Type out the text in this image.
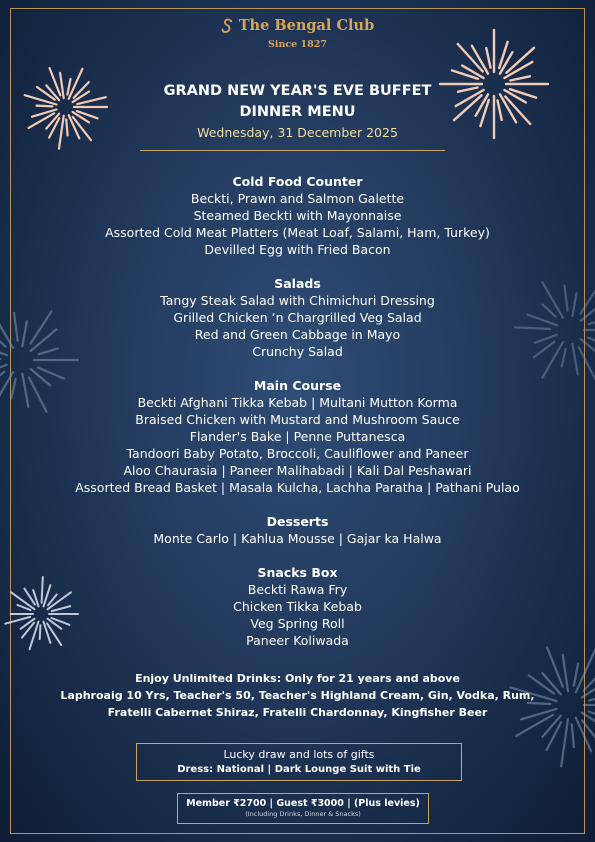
The Bengal Club
Since 1827
GRAND NEW YEAR'S EVE BUFFET
DINNER MENU
Wednesday, 31 December 2025
Cold Food Counter
Beckti, Prawn and Salmon Galette
Steamed Beckti with Mayonnaise
Assorted Cold Meat Platters (Meat Loaf, Salami, Ham, Turkey)
Devilled Egg with Fried Bacon
Salads
Tangy Steak Salad with Chimichuri Dressing
Grilled Chicken ‘n Chargrilled Veg Salad
Red and Green Cabbage in Mayo
Crunchy Salad
Main Course
Beckti Afghani Tikka Kebab | Multani Mutton Korma
Braised Chicken with Mustard and Mushroom Sauce
Flander's Bake | Penne Puttanesca
Tandoori Baby Potato, Broccoli, Cauliflower and Paneer
Aloo Chaurasia | Paneer Malihabadi | Kali Dal Peshawari
Assorted Bread Basket | Masala Kulcha, Lachha Paratha | Pathani Pulao
Desserts
Monte Carlo | Kahlua Mousse | Gajar ka Halwa
Snacks Box
Beckti Rawa Fry
Chicken Tikka Kebab
Veg Spring Roll
Paneer Koliwada
Enjoy Unlimited Drinks: Only for 21 years and above
Laphroaig 10 Yrs, Teacher's 50, Teacher's Highland Cream, Gin, Vodka, Rum,
Fratelli Cabernet Shiraz, Fratelli Chardonnay, Kingfisher Beer
Lucky draw and lots of gifts
Dress: National | Dark Lounge Suit with Tie
Member ₹2700 | Guest ₹3000 | (Plus levies)
(Including Drinks, Dinner & Snacks)
